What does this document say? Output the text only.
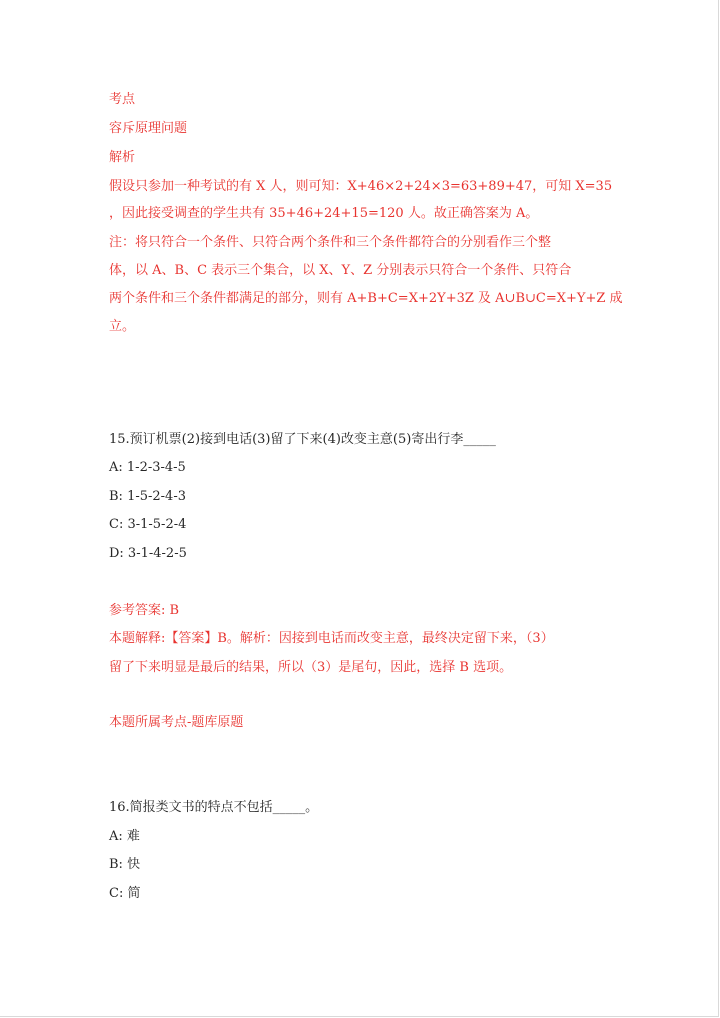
考点
容斥原理问题
解析
假设只参加一种考试的有 X 人，则可知：X+46×2+24×3=63+89+47，可知 X=35
，因此接受调查的学生共有 35+46+24+15=120 人。故正确答案为 A。
注：将只符合一个条件、只符合两个条件和三个条件都符合的分别看作三个整
体，以 A、B、C 表示三个集合，以 X、Y、Z 分别表示只符合一个条件、只符合
两个条件和三个条件都满足的部分，则有 A+B+C=X+2Y+3Z 及 A∪B∪C=X+Y+Z 成
立。
15.预订机票(2)接到电话(3)留了下来(4)改变主意(5)寄出行李_____
A: 1-2-3-4-5
B: 1-5-2-4-3
C: 3-1-5-2-4
D: 3-1-4-2-5
参考答案: B
本题解释:【答案】B。解析：因接到电话而改变主意，最终决定留下来，（3）
留了下来明显是最后的结果，所以（3）是尾句，因此，选择 B 选项。
本题所属考点-题库原题
16.简报类文书的特点不包括_____。
A: 难
B: 快
C: 简
